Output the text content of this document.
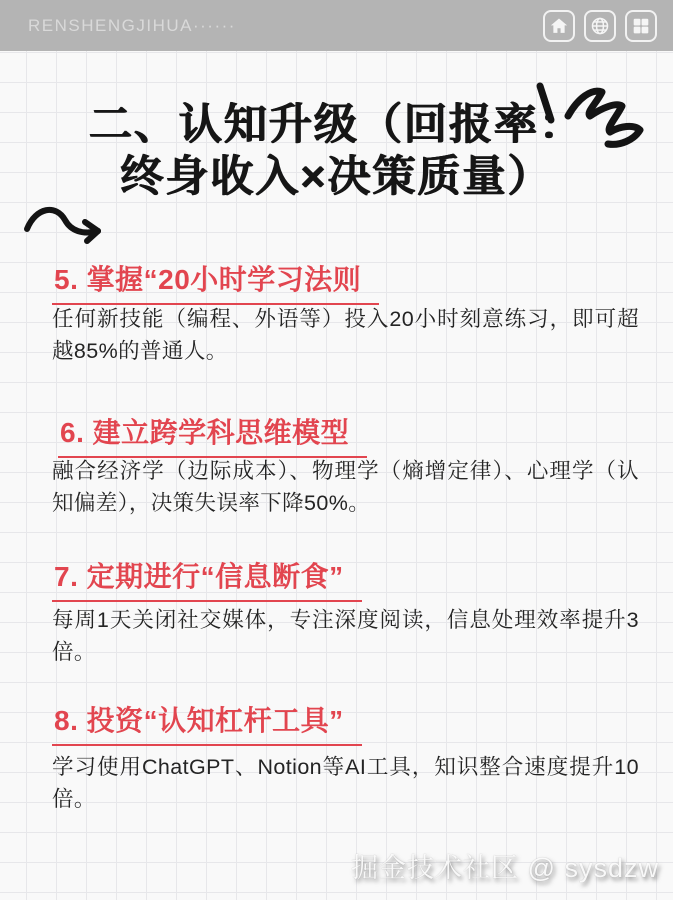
RENSHENGJIHUA······
二、认知升级（回报率：
终身收入×决策质量）
5. 掌握“20小时学习法则

任何新技能（编程、外语等）投入20小时刻意练习，即可超越85%的普通人。

6. 建立跨学科思维模型

融合经济学（边际成本）、物理学（熵增定律）、心理学（认知偏差），决策失误率下降50%。

7. 定期进行“信息断食”

每周1天关闭社交媒体，专注深度阅读，信息处理效率提升3倍。

8. 投资“认知杠杆工具”

学习使用ChatGPT、Notion等AI工具，知识整合速度提升10倍。

掘金技术社区 @ sysdzw
